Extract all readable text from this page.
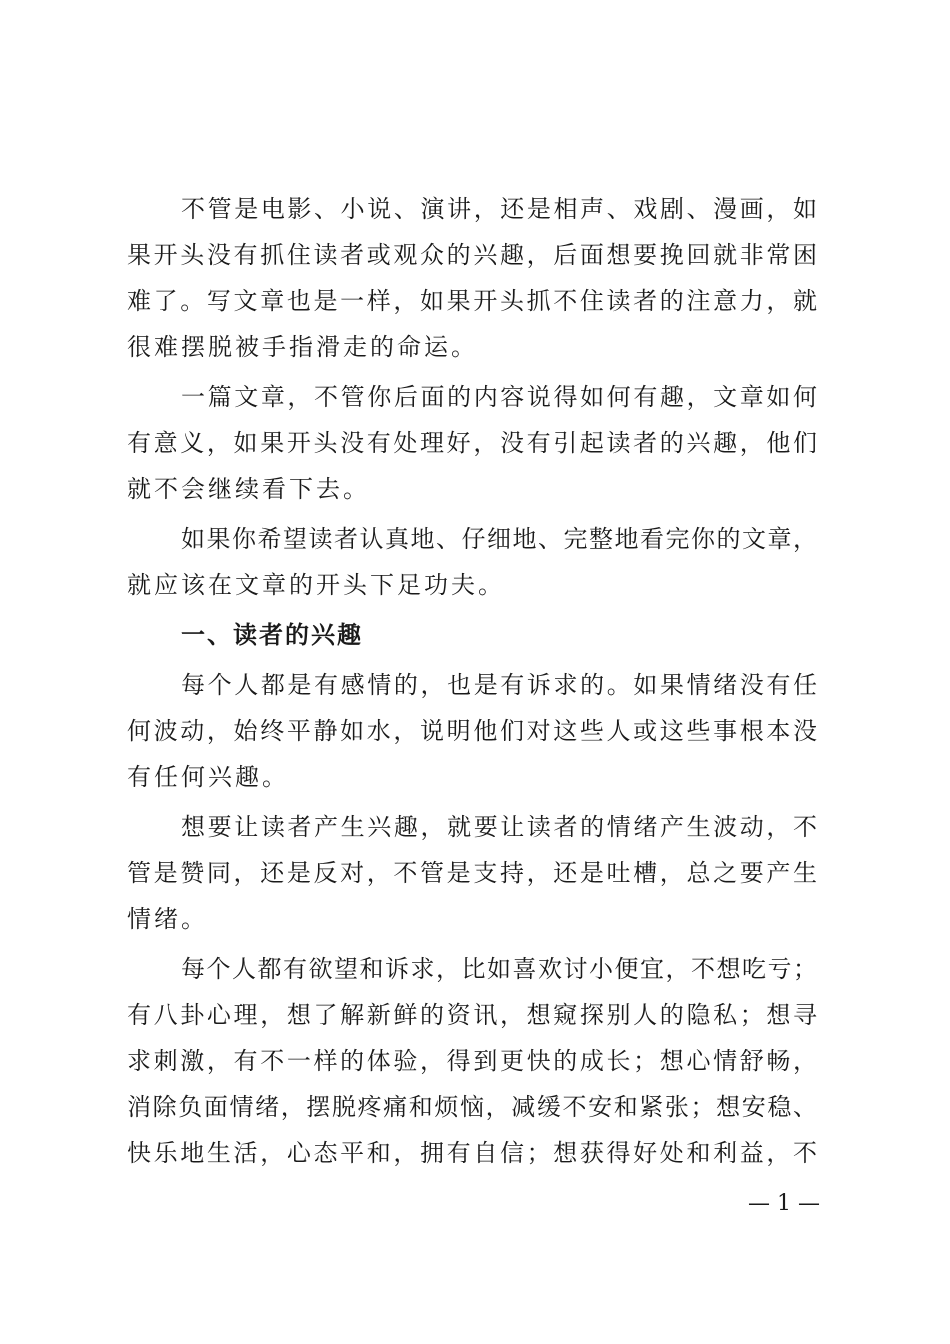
不管是电影、小说、演讲，还是相声、戏剧、漫画，如
果开头没有抓住读者或观众的兴趣，后面想要挽回就非常困
难了。写文章也是一样，如果开头抓不住读者的注意力，就
很难摆脱被手指滑走的命运。
一篇文章，不管你后面的内容说得如何有趣，文章如何
有意义，如果开头没有处理好，没有引起读者的兴趣，他们
就不会继续看下去。
如果你希望读者认真地、仔细地、完整地看完你的文章，
就应该在文章的开头下足功夫。
一、读者的兴趣
每个人都是有感情的，也是有诉求的。如果情绪没有任
何波动，始终平静如水，说明他们对这些人或这些事根本没
有任何兴趣。
想要让读者产生兴趣，就要让读者的情绪产生波动，不
管是赞同，还是反对，不管是支持，还是吐槽，总之要产生
情绪。
每个人都有欲望和诉求，比如喜欢讨小便宜，不想吃亏；
有八卦心理，想了解新鲜的资讯，想窥探别人的隐私；想寻
求刺激，有不一样的体验，得到更快的成长；想心情舒畅，
消除负面情绪，摆脱疼痛和烦恼，减缓不安和紧张；想安稳、
快乐地生活，心态平和，拥有自信；想获得好处和利益，不
— 1 —
